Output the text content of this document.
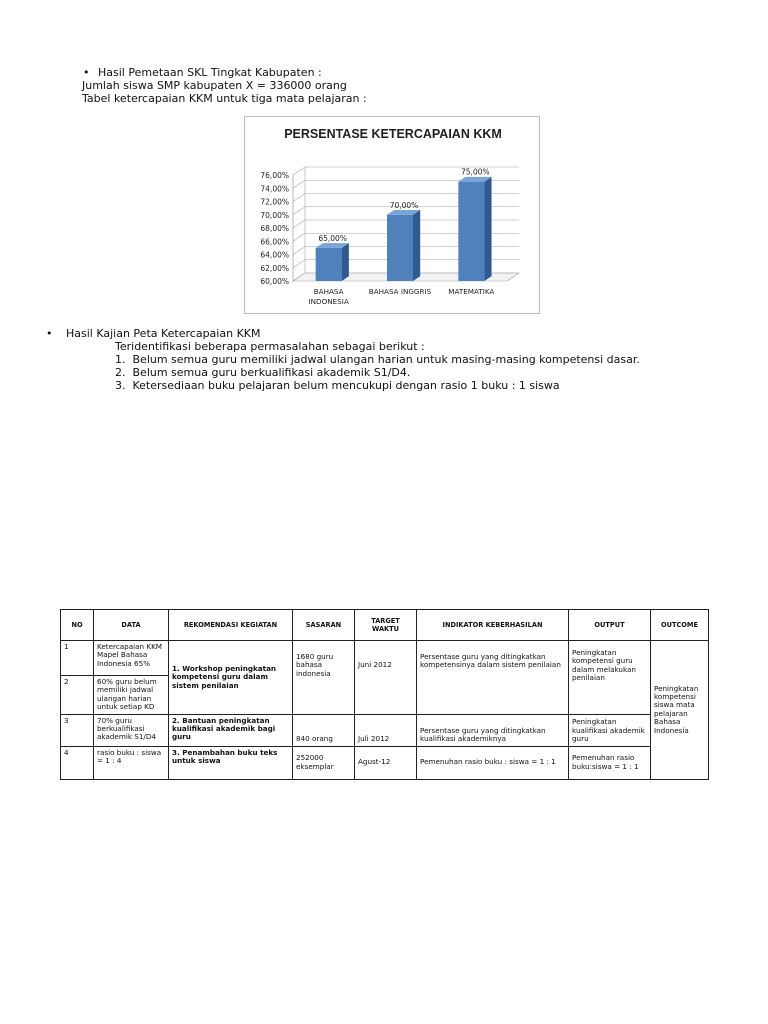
• Hasil Pemetaan SKL Tingkat Kabupaten :
Jumlah siswa SMP kabupaten X = 336000 orang
Tabel ketercapaian KKM untuk tiga mata pelajaran :
PERSENTASE KETERCAPAIAN KKM
60,00%
62,00%
64,00%
66,00%
68,00%
70,00%
72,00%
74,00%
76,00%
65,00%
BAHASA
INDONESIA
70,00%
BAHASA INGGRIS
75,00%
MATEMATIKA
• Hasil Kajian Peta Ketercapaian KKM
Teridentifikasi beberapa permasalahan sebagai berikut :
1. Belum semua guru memiliki jadwal ulangan harian untuk masing-masing kompetensi dasar.
2. Belum semua guru berkualifikasi akademik S1/D4.
3. Ketersediaan buku pelajaran belum mencukupi dengan rasio 1 buku : 1 siswa
NO	DATA	REKOMENDASI KEGIATAN	SASARAN	TARGET WAKTU	INDIKATOR KEBERHASILAN	OUTPUT	OUTCOME
1	Ketercapaian KKM Mapel Bahasa Indonesia 65%	1. Workshop peningkatan kompetensi guru dalam sistem penilaian	1680 guru bahasa indonesia	Juni 2012	Persentase guru yang ditingkatkan kompetensinya dalam sistem penilaian	Peningkatan kompetensi guru dalam melakukan penilaian	Peningkatan kompetensi siswa mata pelajaran Bahasa Indonesia
2	60% guru belum memiliki jadwal ulangan harian untuk setiap KD						
3	70% guru berkualifikasi akademik S1/D4	2. Bantuan peningkatan kualifikasi akademik bagi guru	840 orang	Juli 2012	Persentase guru yang ditingkatkan kualifikasi akademiknya	Peningkatan kualifikasi akademik guru	
4	rasio buku : siswa = 1 : 4	3. Penambahan buku teks untuk siswa	252000 eksemplar	Agust-12	Pemenuhan rasio buku : siswa = 1 : 1	Pemenuhan rasio buku:siswa = 1 : 1	
